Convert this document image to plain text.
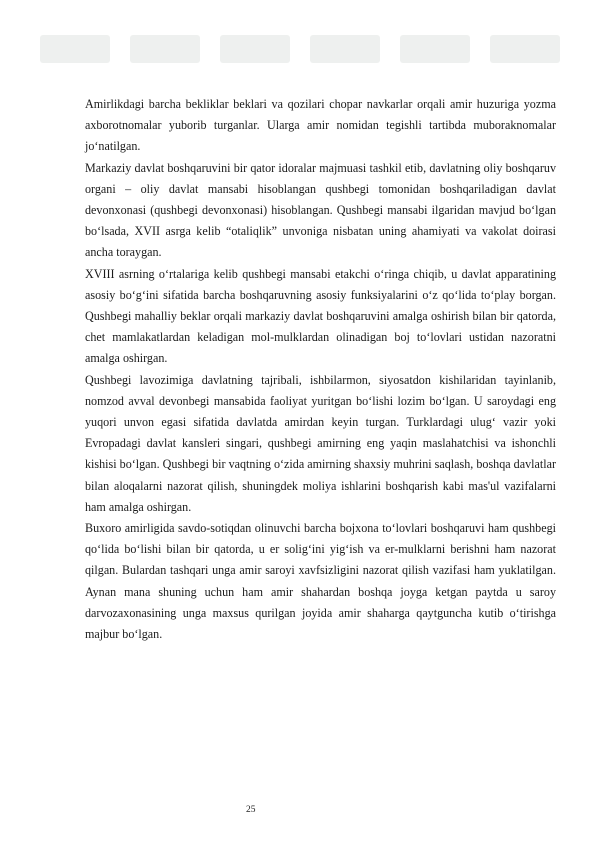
Amirlikdagi barcha bekliklar beklari va qozilari chopar navkarlar orqali amir huzuriga yozma axborotnomalar yuborib turganlar. Ularga amir nomidan tegishli tartibda muboraknomalar jo‘natilgan.

Markaziy davlat boshqaruvini bir qator idoralar majmuasi tashkil etib, davlatning oliy boshqaruv organi – oliy davlat mansabi hisoblangan qushbegi tomonidan boshqariladigan davlat devonxonasi (qushbegi devonxonasi) hisoblangan. Qushbegi mansabi ilgaridan mavjud bo‘lgan bo‘lsada, XVII asrga kelib “otaliqlik” unvoniga nisbatan uning ahamiyati va vakolat doirasi ancha toraygan.

XVIII asrning o‘rtalariga kelib qushbegi mansabi etakchi o‘ringa chiqib, u davlat apparatining asosiy bo‘g‘ini sifatida barcha boshqaruvning asosiy funksiyalarini o‘z qo‘lida to‘play borgan. Qushbegi mahalliy beklar orqali markaziy davlat boshqaruvini amalga oshirish bilan bir qatorda, chet mamlakatlardan keladigan mol-mulklardan olinadigan boj to‘lovlari ustidan nazoratni amalga oshirgan.

Qushbegi lavozimiga davlatning tajribali, ishbilarmon, siyosatdon kishilaridan tayinlanib, nomzod avval devonbegi mansabida faoliyat yuritgan bo‘lishi lozim bo‘lgan. U saroydagi eng yuqori unvon egasi sifatida davlatda amirdan keyin turgan. Turklardagi ulug‘ vazir yoki Evropadagi davlat kansleri singari, qushbegi amirning eng yaqin maslahatchisi va ishonchli kishisi bo‘lgan. Qushbegi bir vaqtning o‘zida amirning shaxsiy muhrini saqlash, boshqa davlatlar bilan aloqalarni nazorat qilish, shuningdek moliya ishlarini boshqarish kabi mas'ul vazifalarni ham amalga oshirgan.

Buxoro amirligida savdo-sotiqdan olinuvchi barcha bojxona to‘lovlari boshqaruvi ham qushbegi qo‘lida bo‘lishi bilan bir qatorda, u er solig‘ini yig‘ish va er-mulklarni berishni ham nazorat qilgan. Bulardan tashqari unga amir saroyi xavfsizligini nazorat qilish vazifasi ham yuklatilgan. Aynan mana shuning uchun ham amir shahardan boshqa joyga ketgan paytda u saroy darvozaxonasining unga maxsus qurilgan joyida amir shaharga qaytguncha kutib o‘tirishga majbur bo‘lgan.

25
